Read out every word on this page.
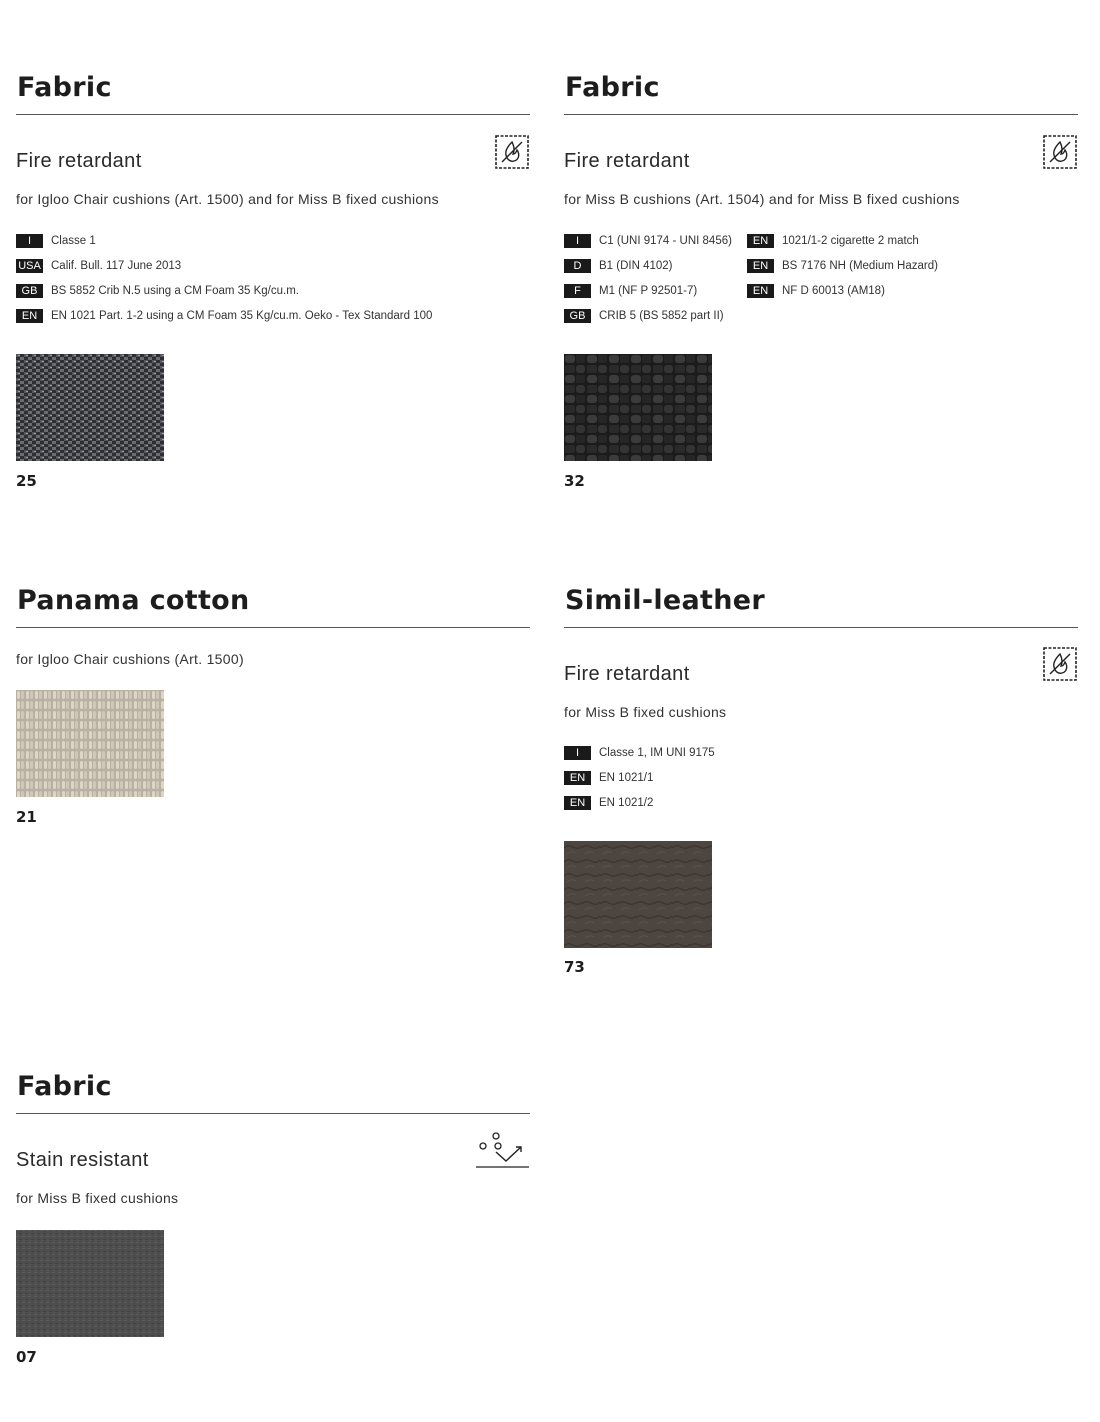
Fabric
Fire retardant
for Igloo Chair cushions (Art. 1500) and for Miss B fixed cushions
I	Classe 1
USA Calif. Bull. 117 June 2013
GB	BS 5852 Crib N.5 using a CM Foam 35 Kg/cu.m.
EN	EN 1021 Part. 1-2 using a CM Foam 35 Kg/cu.m. Oeko - Tex Standard 100
25
Fabric
Fire retardant
for Miss B cushions (Art. 1504) and for Miss B fixed cushions
I	C1 (UNI 9174 - UNI 8456)
D	B1 (DIN 4102)
F	M1 (NF P 92501-7)
GB	CRIB 5 (BS 5852 part II)
EN	1021/1-2 cigarette 2 match
EN	BS 7176 NH (Medium Hazard)
EN	NF D 60013 (AM18)
32
Panama cotton
for Igloo Chair cushions (Art. 1500)
21
Simil-leather
Fire retardant
for Miss B fixed cushions
I	Classe 1, IM UNI 9175
EN	EN 1021/1
EN	EN 1021/2
73
Fabric
Stain resistant
for Miss B fixed cushions
07
